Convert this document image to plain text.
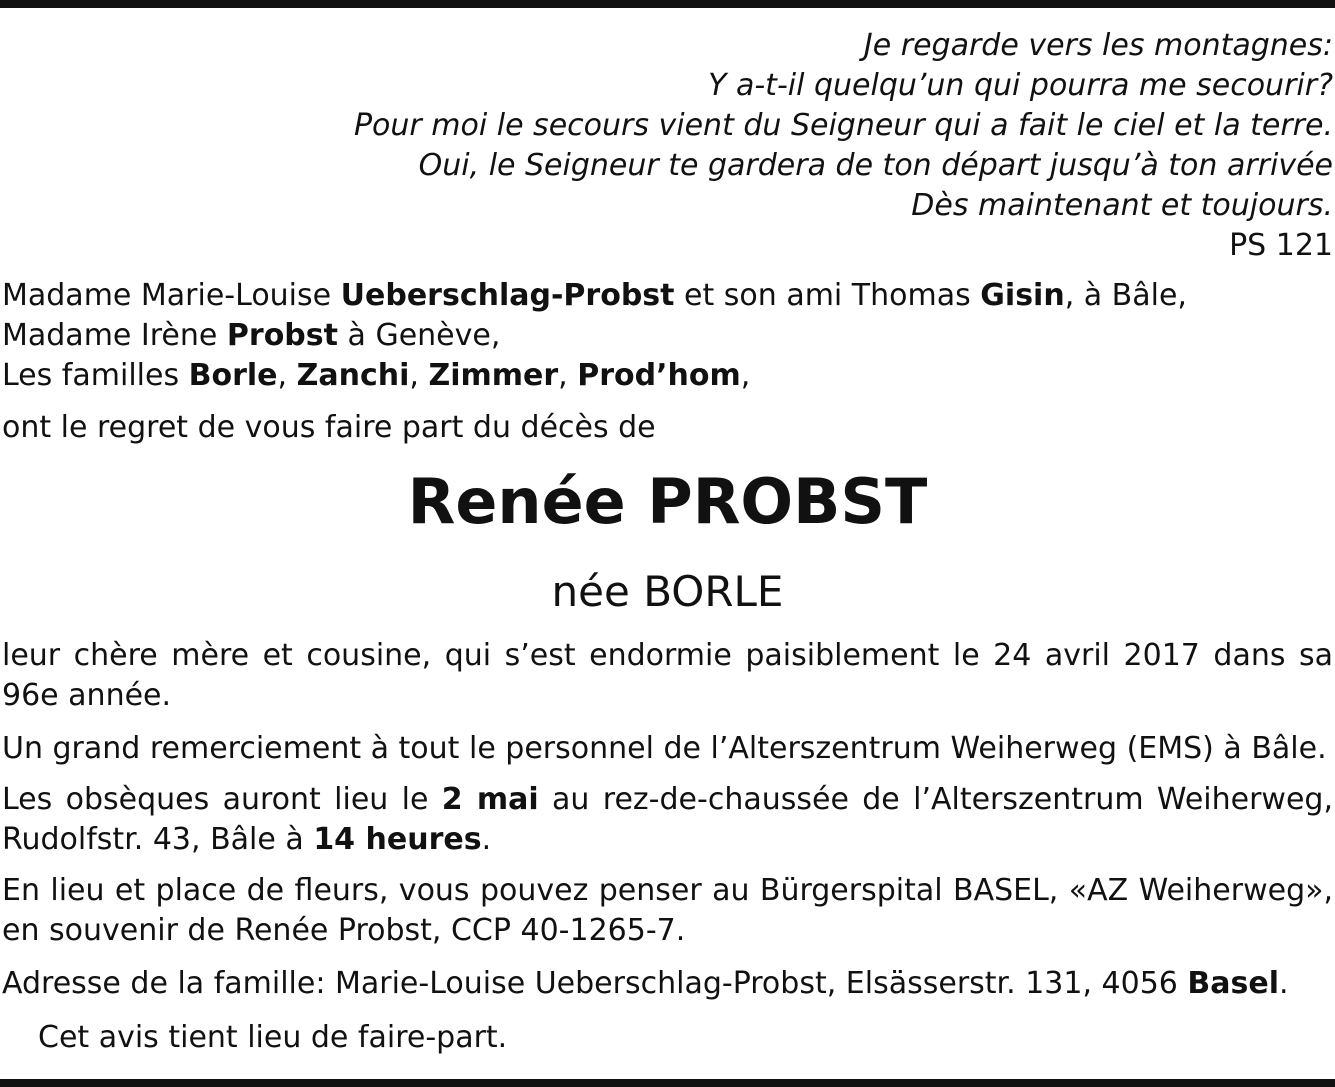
Je regarde vers les montagnes:
Y a-t-il quelqu’un qui pourra me secourir?
Pour moi le secours vient du Seigneur qui a fait le ciel et la terre.
Oui, le Seigneur te gardera de ton départ jusqu’à ton arrivée
Dès maintenant et toujours.
PS 121
Madame Marie-Louise Ueberschlag-Probst et son ami Thomas Gisin, à Bâle,
Madame Irène Probst à Genève,
Les familles Borle, Zanchi, Zimmer, Prod’hom,
ont le regret de vous faire part du décès de
Renée PROBST
née BORLE
leur chère mère et cousine, qui s’est endormie paisiblement le 24 avril 2017 dans sa 96e année.
Un grand remerciement à tout le personnel de l’Alterszentrum Weiherweg (EMS) à Bâle.
Les obsèques auront lieu le 2 mai au rez-de-chaussée de l’Alterszentrum Weiherweg, Rudolfstr. 43, Bâle à 14 heures.
En lieu et place de fleurs, vous pouvez penser au Bürgerspital BASEL, «AZ Weiherweg», en souvenir de Renée Probst, CCP 40-1265-7.
Adresse de la famille: Marie-Louise Ueberschlag-Probst, Elsässerstr. 131, 4056 Basel.
Cet avis tient lieu de faire-part.
